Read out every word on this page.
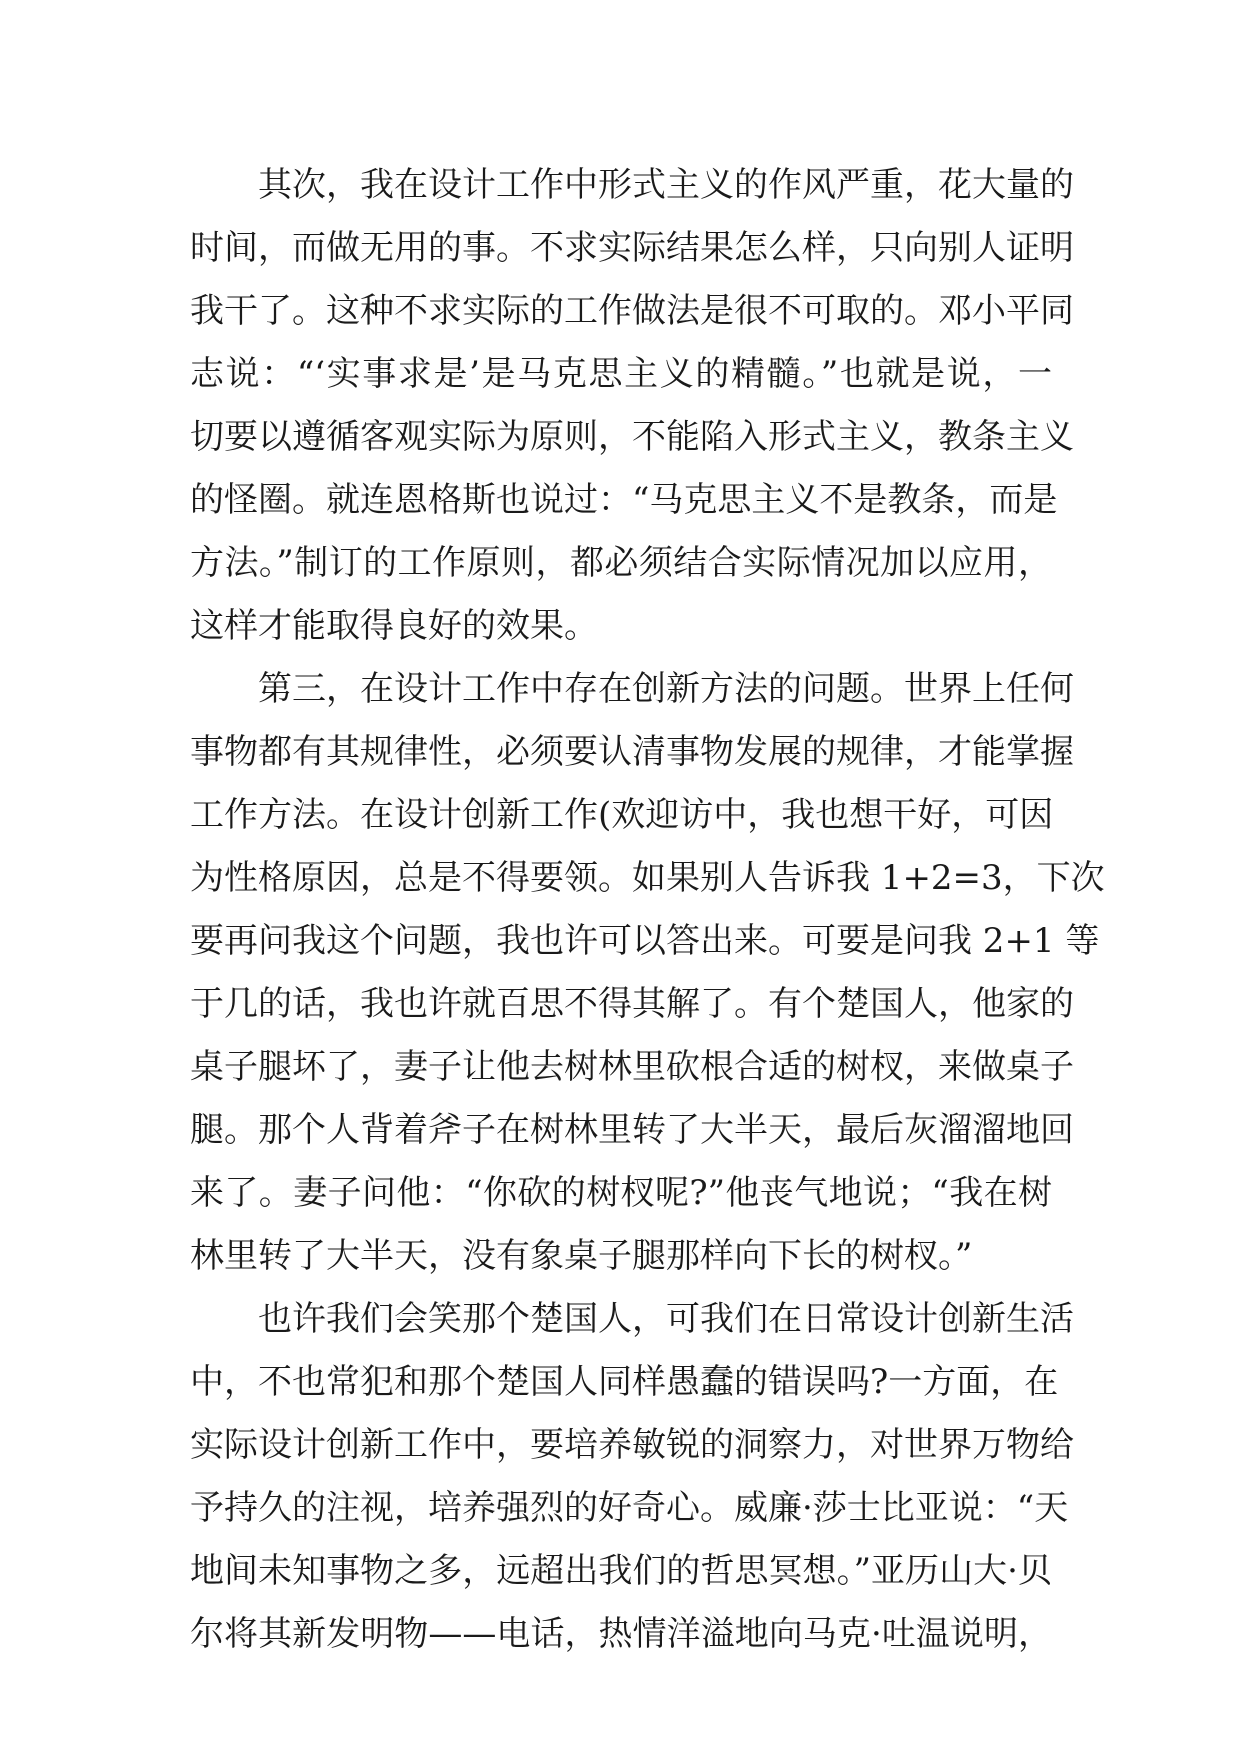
其次，我在设计工作中形式主义的作风严重，花大量的
时间，而做无用的事。不求实际结果怎么样，只向别人证明
我干了。这种不求实际的工作做法是很不可取的。邓小平同
志说：“‘实事求是’是马克思主义的精髓。”也就是说，一
切要以遵循客观实际为原则，不能陷入形式主义，教条主义
的怪圈。就连恩格斯也说过：“马克思主义不是教条，而是
方法。”制订的工作原则，都必须结合实际情况加以应用，
这样才能取得良好的效果。
第三，在设计工作中存在创新方法的问题。世界上任何
事物都有其规律性，必须要认清事物发展的规律，才能掌握
工作方法。在设计创新工作(欢迎访中，我也想干好，可因
为性格原因，总是不得要领。如果别人告诉我 1+2=3，下次
要再问我这个问题，我也许可以答出来。可要是问我 2+1 等
于几的话，我也许就百思不得其解了。有个楚国人，他家的
桌子腿坏了，妻子让他去树林里砍根合适的树杈，来做桌子
腿。那个人背着斧子在树林里转了大半天，最后灰溜溜地回
来了。妻子问他：“你砍的树杈呢?”他丧气地说；“我在树
林里转了大半天，没有象桌子腿那样向下长的树杈。”
也许我们会笑那个楚国人，可我们在日常设计创新生活
中，不也常犯和那个楚国人同样愚蠢的错误吗?一方面，在
实际设计创新工作中，要培养敏锐的洞察力，对世界万物给
予持久的注视，培养强烈的好奇心。威廉·莎士比亚说：“天
地间未知事物之多，远超出我们的哲思冥想。”亚历山大·贝
尔将其新发明物——电话，热情洋溢地向马克·吐温说明，
